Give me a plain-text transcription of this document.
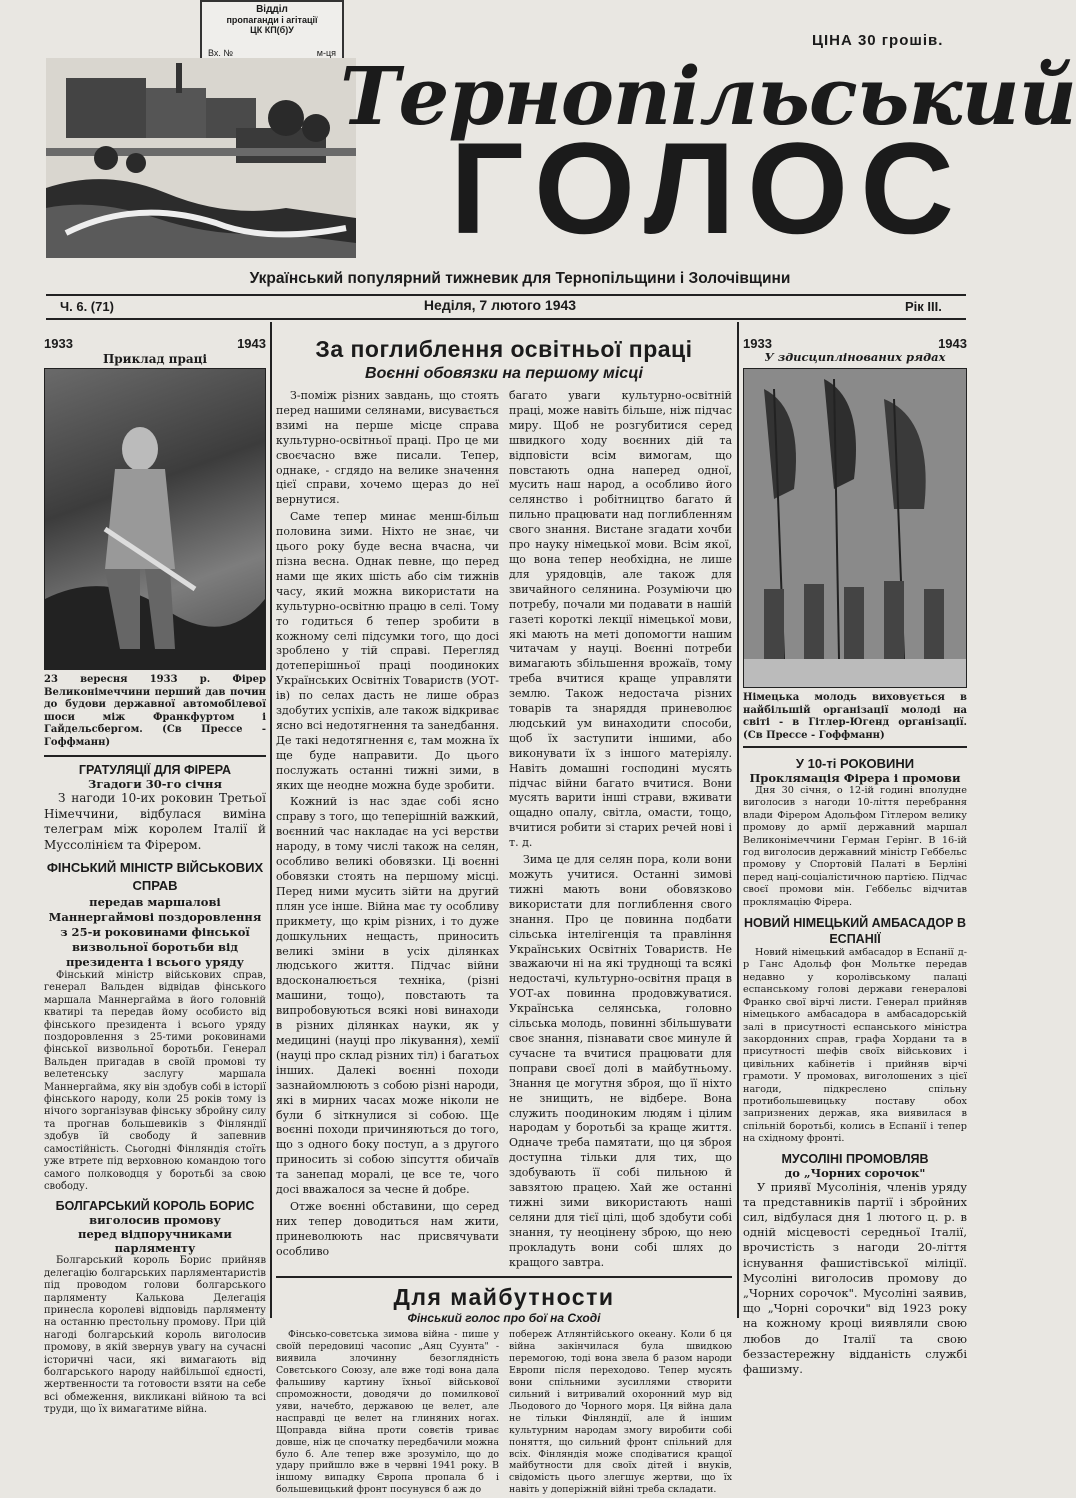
Відділ
пропаганди і агітації
ЦК КП(б)У
Вх. №	м-ця
ЦІНА 30 грошів.
Тернопільський
ГОЛОС
Український популярний тижневик для Тернопільщини і Золочівщини
Ч. 6. (71)	Неділя, 7 лютого 1943	Рік III.
1933	1943
Приклад праці

23 вересня 1933 р. Фірер Великонімеччини перший дав почин до будови державної автомобілевої шоси між Франкфуртом і Гайдельсбергом. (Св Пресcе - Гоффманн)

ГРАТУЛЯЦІЇ ДЛЯ ФІРЕРА
Згадоги 30-го січня

З нагоди 10-их роковин Третьої Німеччини, відбулася виміна телеграм між королем Італії й Муссолінієм та Фірером.

ФІНСЬКИЙ МІНІСТР ВІЙСЬКОВИХ СПРАВ
передав маршалові Маннергаймові поздоровлення з 25-и роковинами фінської визвольної боротьби від президента і всього уряду

Фінський міністр військових справ, генерал Вальден відвідав фінського маршала Маннергайма в його головній кватирі та передав йому особисто від фінського президента і всього уряду поздоровлення з 25-тими роковинами фінської визвольної боротьби. Генерал Вальден пригадав в своїй промові ту велетенську заслугу маршала Маннергайма, яку він здобув собі в історії фінського народу, коли 25 років тому із нічого зорганізував фінську збройну силу та прогнав большевиків з Фінляндії здобув їй свободу й запевнив самостійність. Сьогодні Фінляндія стоїть уже втрете під верховною командою того самого полководця у боротьбі за свою свободу.

БОЛГАРСЬКИЙ КОРОЛЬ БОРИС
виголосив промову
перед відпоручниками парляменту

Болгарський король Борис прийняв делегацію болгарських парляментаристів під проводом голови болгарського парляменту Калькова Делегація принесла королеві відповідь парляменту на останню престольну промову. При цій нагоді болгарський король виголосив промову, в якій звернув увагу на сучасні історичні часи, які вимагають від болгарського народу найбільшої єдності, жертвенности та готовости взяти на себе всі обмеження, викликані війною та всі труди, що їх вимагатиме війна.

За поглиблення освітньої праці
Воєнні обовязки на першому місці

З-поміж різних завдань, що стоять перед нашими селянами, висувається взимі на перше місце справа культурно-освітньої праці. Про це ми своєчасно вже писали. Тепер, однаке, - сгдядо на велике значення цієї справи, хочемо щераз до неї вернутися.

Саме тепер минає менш-більш половина зими. Ніхто не знає, чи цього року буде весна вчасна, чи пізна весна. Однак певне, що перед нами ще яких шість або сім тижнів часу, який можна використати на культурно-освітню працю в селі. Тому то годиться б тепер зробити в кожному селі підсумки того, що досі зроблено у тій справі. Перегляд дотеперішньої праці поодиноких Українських Освітніх Товариств (УОТ-ів) по селах дасть не лише образ здобутих успіхів, але також відкриває ясно всі недотягнення та занедбання. Де такі недотягнення є, там можна їх ще буде направити. До цього послужать останні тижні зими, в яких ще неодне можна буде зробити.

Кожний із нас здає собі ясно справу з того, що теперішній важкий, воєнний час накладає на усі верстви народу, в тому числі також на селян, особливо великі обовязки. Ці воєнні обовязки стоять на першому місці. Перед ними мусить зійти на другий плян усе інше. Війна має ту особливу прикмету, що крім різних, і то дуже дошкульних нещасть, приносить великі зміни в усіх ділянках людського життя. Підчас війни вдосконалюється техніка, (різні машини, тощо), повстають та випробовуються всякі нові винаходи в різних ділянках науки, як у медицині (науці про лікування), хемії (науці про склад різних тіл) і багатьох інших. Далекі воєнні походи зазнайомлюють з собою різні народи, які в мирних часах може ніколи не були б зіткнулися зі собою. Ще воєнні походи причиняються до того, що з одного боку поступ, а з другого приносить зі собою зіпсуття обичаїв та занепад моралі, це все те, чого досі вважалося за чесне й добре.

Отже воєнні обставини, що серед них тепер доводиться нам жити, приневолюють нас присвячувати особливо

багато уваги культурно-освітній праці, може навіть більше, ніж підчас миру. Щоб не розгубитися серед швидкого ходу воєнних дій та відповісти всім вимогам, що повстають одна наперед одної, мусить наш народ, а особливо його селянство і робітництво багато й пильно працювати над поглибленням свого знання. Вистане згадати хочби про науку німецької мови. Всім якої, що вона тепер необхідна, не лише для урядовців, але також для звичайного селянина. Розуміючи цю потребу, почали ми подавати в нашій газеті короткі лекції німецької мови, які мають на меті допомогти нашим читачам у науці. Воєнні потреби вимагають збільшення врожаїв, тому треба вчитися краще управляти землю. Також недостача різних товарів та знаряддя приневолює людський ум винаходити способи, щоб їх заступити іншими, або виконувати їх з іншого матеріялу. Навіть домашні господині мусять підчас війни багато вчитися. Вони мусять варити інші страви, вживати ощадно опалу, світла, омасти, тощо, вчитися робити зі старих речей нові і т. д.

Зима це для селян пора, коли вони можуть учитися. Останні зимові тижні мають вони обовязково використати для поглиблення свого знання. Про це повинна подбати сільська інтелігенція та правління Українських Освітніх Товариств. Не зважаючи ні на які труднощі та всякі недостачі, культурно-освітня праця в УОТ-ах повинна продовжуватися. Українська селянська, головно сільська молодь, повинні збільшувати своє знання, пізнавати своє минуле й сучасне та вчитися працювати для поправи своєї долі в майбутньому. Знання це могутня зброя, що її ніхто не знищить, не відбере. Вона служить поодиноким людям і цілим народам у боротьбі за краще життя. Одначе треба памятати, що ця зброя доступна тільки для тих, що здобувають її собі пильною й завзятою працею. Хай же останні тижні зими використають наші селяни для тієї цілі, щоб здобути собі знання, ту неоцінену зброю, що нею прокладуть вони собі шлях до кращого завтра.

Для майбутности
Фінський голос про бої на Сході

Фінсько-совєтська зимова війна - пише у своїй передовиці часопис „Аяц Суунта" - виявила злочинну безоглядність Совєтського Союзу, але вже тоді вона дала фальшиву картину їхньої військової спроможности, доводячи до помилкової уяви, начебто, державою це велет, але насправді це велет на глиняних ногах. Щоправда війна проти совєтів триває довше, ніж це спочатку передбачили можна було б. Але тепер вже зрозуміло, що до удару прийшло вже в червні 1941 року. В іншому випадку Європа пропала б і большевицький фронт посунувся б аж до

побереж Атлянтійського океану. Коли б ця війна закінчилася була швидкою перемогою, тоді вона звела б разом народи Европи після переходово. Тепер мусять вони спільними зусиллями створити сильний і витривалий охоронний мур від Льодового до Чорного моря. Ця війна дала не тільки Фінляндії, але й іншим культурним народам змогу виробити собі поняття, що сильний фронт спільний для всіх. Фінляндія може сподіватися кращої майбутности для своїх дітей і внуків, свідомість цього злегшує жертви, що їх навіть у доперіжній війні треба складати.

1933	1943
У здисциплінованих рядах

Німецька молодь виховується в найбільшій організації молоді на світі - в Гітлер-Югенд організації. (Св Пресcе - Гоффманн)

У 10-ті РОКОВИНИ
Проклямація Фірера і промови

Дня 30 січня, о 12-ій годині вполудне виголосив з нагоди 10-ліття перебрання влади Фірером Адольфом Гітлером велику промову до армії державний маршал Великонімеччини Герман Герінг. В 16-ій год виголосив державний міністр Геббельс промову у Спортовій Палаті в Берліні перед наці-соціалістичною партією. Підчас своєї промови мін. Геббельс відчитав проклямацію Фірера.

НОВИЙ НІМЕЦЬКИЙ АМБАСАДОР В ЕСПАНІЇ

Новий німецький амбасадор в Еспанії д-р Ганс Адольф фон Мольтке передав недавно у королівському палаці еспанському голові держави генералові Франко свої вірчі листи. Генерал прийняв німецького амбасадора в амбасадорській залі в присутності еспанського міністра закордонних справ, графа Хордани та в присутності шефів своїх військових і цивільних кабінетів і прийняв вірчі грамоти. У промовах, виголошених з цієї нагоди, підкреслено спільну протибольшевицьку поставу обох запризнених держав, яка виявилася в спільній боротьбі, колись в Еспанії і тепер на східному фронті.

МУСОЛІНІ ПРОМОВЛЯВ
до „Чорних сорочок"

У приявї Мусолінія, членів уряду та представників партії і збройних сил, відбулася дня 1 лютого ц. р. в одній місцевості середньої Італії, врочистість з нагоди 20-ліття існування фашистівської міліції. Мусоліні виголосив промову до „Чорних сорочок". Мусоліні заявив, що „Чорні сорочки" від 1923 року на кожному кроці виявляли свою любов до Італії та свою беззастережну відданість службі фашизму.
